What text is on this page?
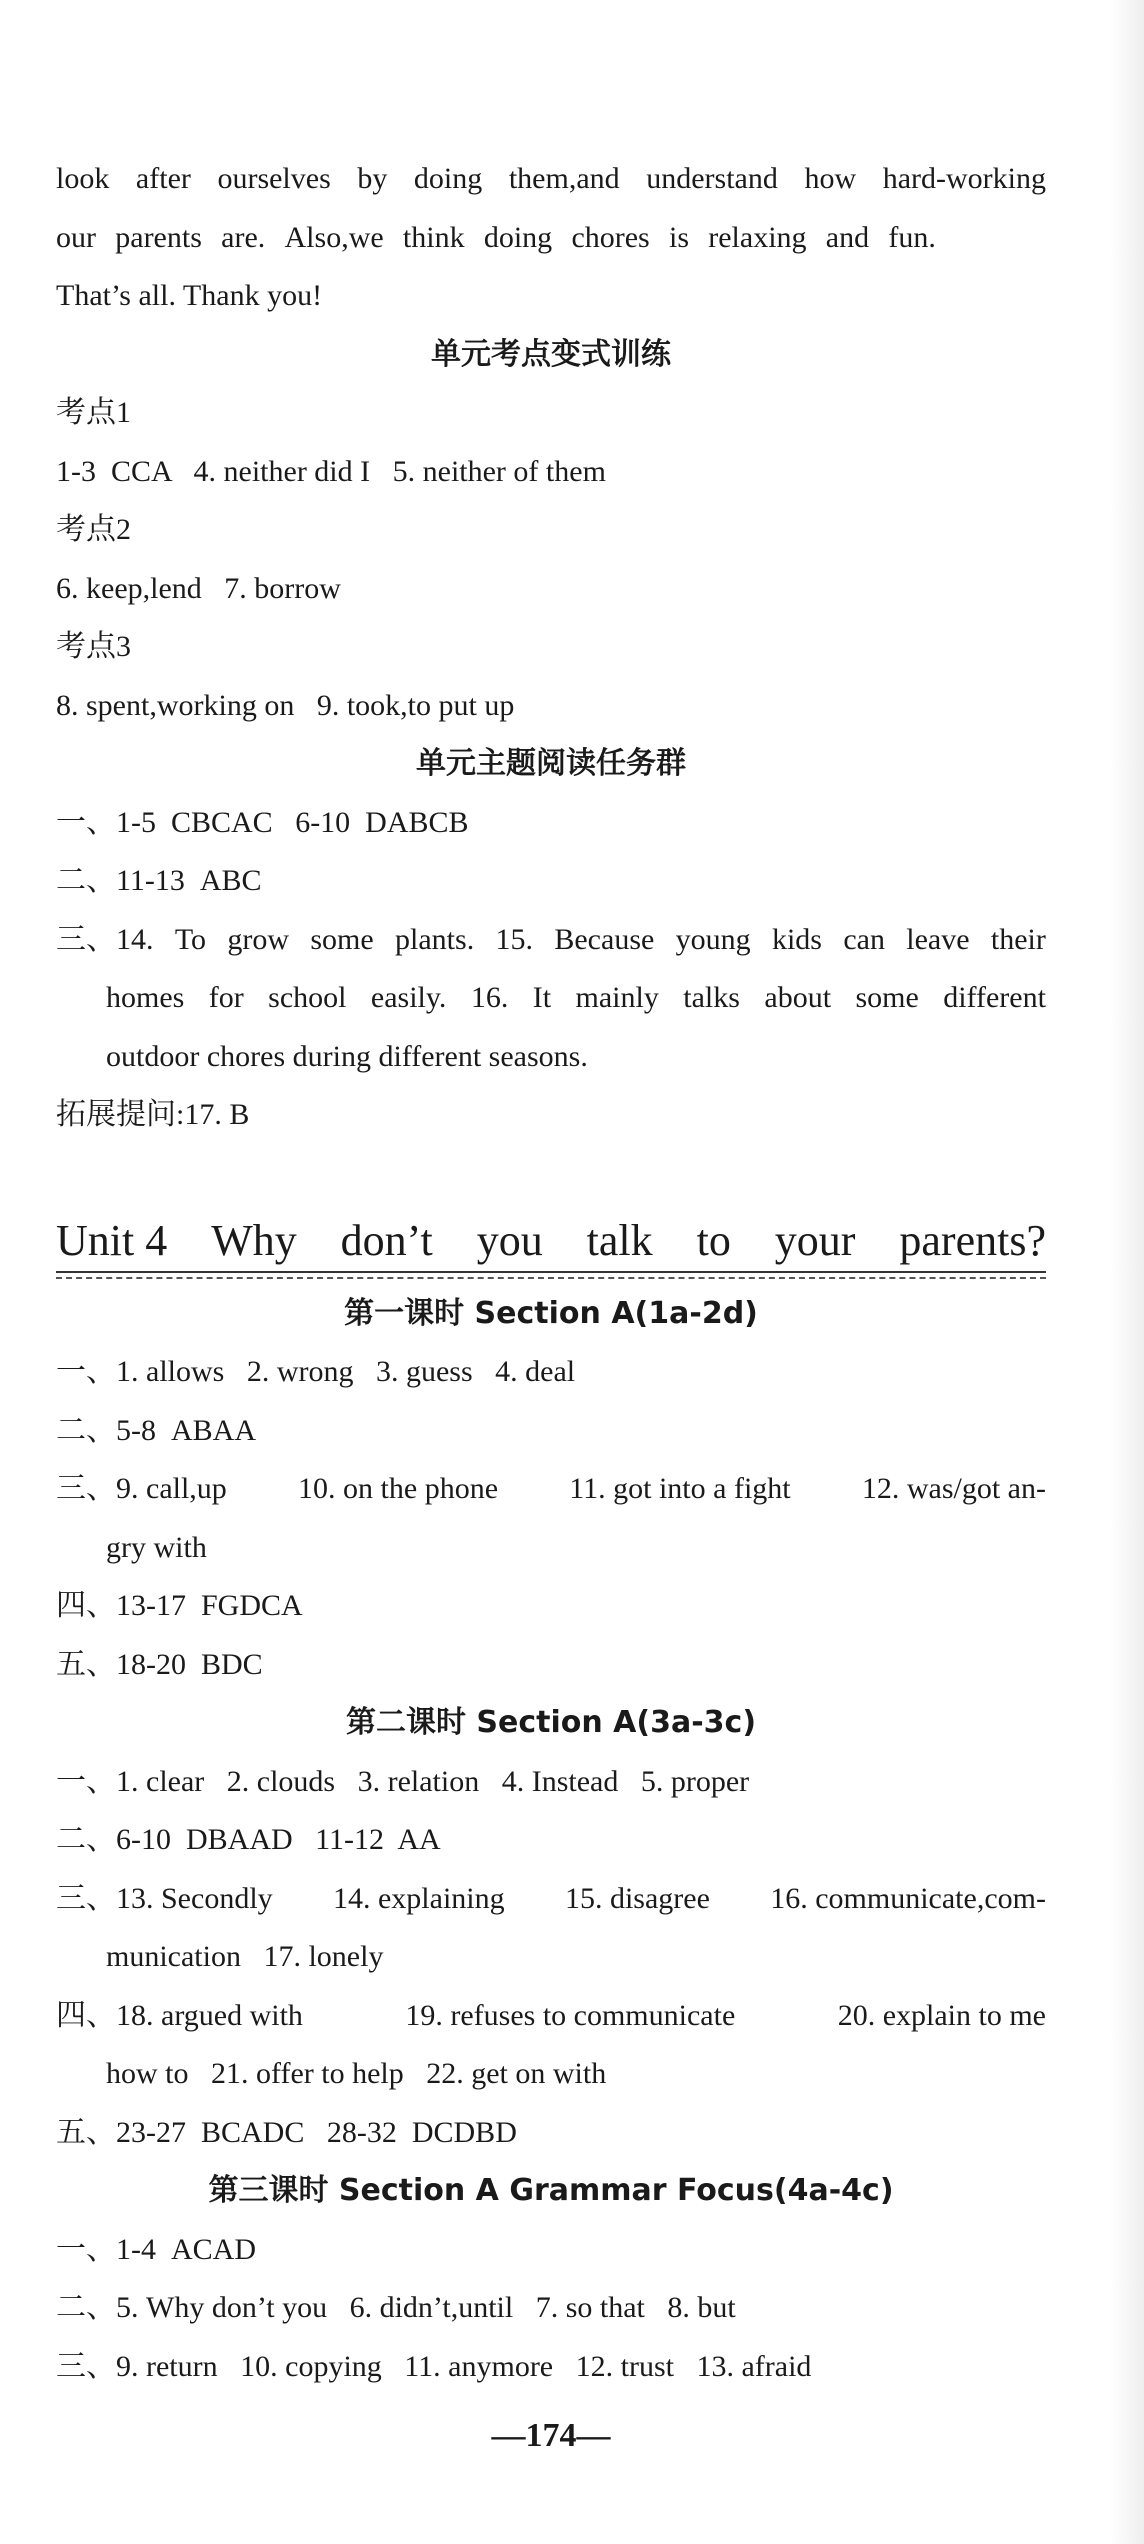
look after ourselves by doing them,and understand how hard-working
our parents are. Also,we think doing chores is relaxing and fun.
That’s all. Thank you!
单元考点变式训练
考点1
1-3  CCA   4. neither did I   5. neither of them
考点2
6. keep,lend   7. borrow
考点3
8. spent,working on   9. took,to put up
单元主题阅读任务群
一、1-5  CBCAC   6-10  DABCB
二、11-13  ABC
三、14. To grow some plants. 15. Because young kids can leave their
homes for school easily. 16. It mainly talks about some different
outdoor chores during different seasons.
拓展提问:17. B
Unit 4 Why don’t you talk to your parents?
第一课时 Section A(1a-2d)
一、1. allows   2. wrong   3. guess   4. deal
二、5-8  ABAA
三、9. call,up 10. on the phone 11. got into a fight 12. was/got an-
gry with
四、13-17  FGDCA
五、18-20  BDC
第二课时 Section A(3a-3c)
一、1. clear   2. clouds   3. relation   4. Instead   5. proper
二、6-10  DBAAD   11-12  AA
三、13. Secondly 14. explaining 15. disagree 16. communicate,com-
munication   17. lonely
四、18. argued with	19. refuses to communicate	20. explain to me
how to   21. offer to help   22. get on with
五、23-27  BCADC   28-32  DCDBD
第三课时 Section A Grammar Focus(4a-4c)
一、1-4  ACAD
二、5. Why don’t you   6. didn’t,until   7. so that   8. but
三、9. return   10. copying   11. anymore   12. trust   13. afraid
—174—
